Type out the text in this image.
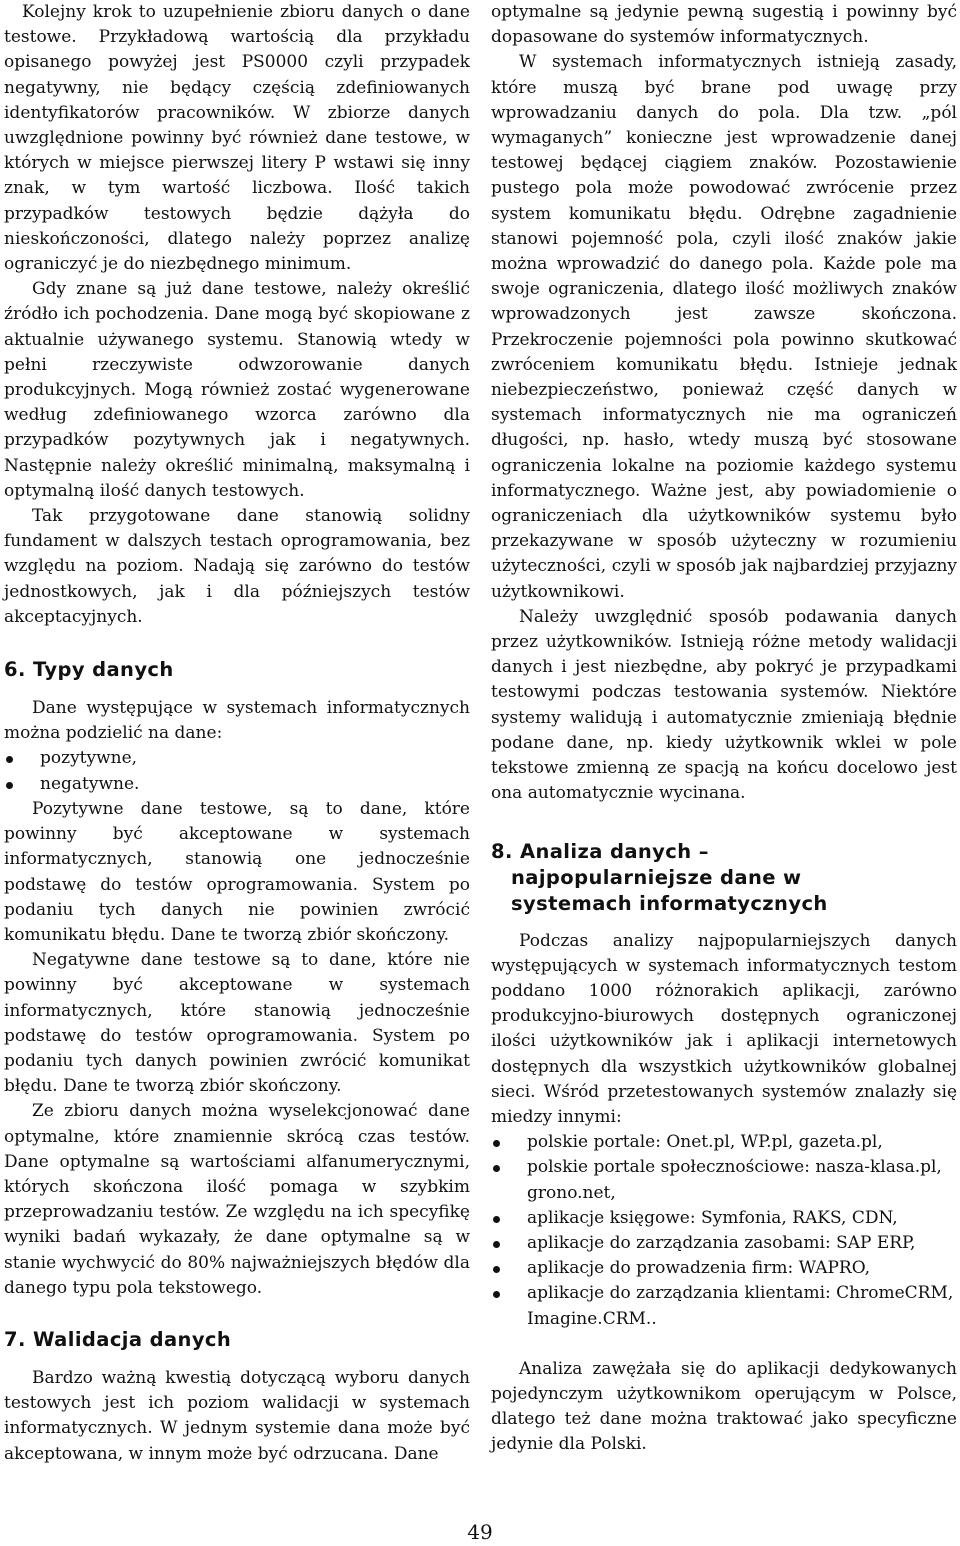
Kolejny krok to uzupełnienie zbioru danych o dane testowe. Przykładową wartością dla przykładu opisanego powyżej jest PS0000 czyli przypadek negatywny, nie będący częścią zdefiniowanych identyfikatorów pracowników. W zbiorze danych uwzględnione powinny być również dane testowe, w których w miejsce pierwszej litery P wstawi się inny znak, w tym wartość liczbowa. Ilość takich przypadków testowych będzie dążyła do nieskończoności, dlatego należy poprzez analizę ograniczyć je do niezbędnego minimum.

Gdy znane są już dane testowe, należy określić źródło ich pochodzenia. Dane mogą być skopiowane z aktualnie używanego systemu. Stanowią wtedy w pełni rzeczywiste odwzorowanie danych produkcyjnych. Mogą również zostać wygenerowane według zdefiniowanego wzorca zarówno dla przypadków pozytywnych jak i negatywnych. Następnie należy określić minimalną, maksymalną i optymalną ilość danych testowych.

Tak przygotowane dane stanowią solidny fundament w dalszych testach oprogramowania, bez względu na poziom. Nadają się zarówno do testów jednostkowych, jak i dla późniejszych testów akceptacyjnych.

6. Typy danych

Dane występujące w systemach informatycznych można podzielić na dane:

pozytywne,
negatywne.

Pozytywne dane testowe, są to dane, które powinny być akceptowane w systemach informatycznych, stanowią one jednocześnie podstawę do testów oprogramowania. System po podaniu tych danych nie powinien zwrócić komunikatu błędu. Dane te tworzą zbiór skończony.

Negatywne dane testowe są to dane, które nie powinny być akceptowane w systemach informatycznych, które stanowią jednocześnie podstawę do testów oprogramowania. System po podaniu tych danych powinien zwrócić komunikat błędu. Dane te tworzą zbiór skończony.

Ze zbioru danych można wyselekcjonować dane optymalne, które znamiennie skrócą czas testów. Dane optymalne są wartościami alfanumerycznymi, których skończona ilość pomaga w szybkim przeprowadzaniu testów. Ze względu na ich specyfikę wyniki badań wykazały, że dane optymalne są w stanie wychwycić do 80% najważniejszych błędów dla danego typu pola tekstowego.

7. Walidacja danych

Bardzo ważną kwestią dotyczącą wyboru danych testowych jest ich poziom walidacji w systemach informatycznych. W jednym systemie dana może być akceptowana, w innym może być odrzucana. Dane

optymalne są jedynie pewną sugestią i powinny być dopasowane do systemów informatycznych.

W systemach informatycznych istnieją zasady, które muszą być brane pod uwagę przy wprowadzaniu danych do pola. Dla tzw. „pól wymaganych” konieczne jest wprowadzenie danej testowej będącej ciągiem znaków. Pozostawienie pustego pola może powodować zwrócenie przez system komunikatu błędu. Odrębne zagadnienie stanowi pojemność pola, czyli ilość znaków jakie można wprowadzić do danego pola. Każde pole ma swoje ograniczenia, dlatego ilość możliwych znaków wprowadzonych jest zawsze skończona. Przekroczenie pojemności pola powinno skutkować zwróceniem komunikatu błędu. Istnieje jednak niebezpieczeństwo, ponieważ część danych w systemach informatycznych nie ma ograniczeń długości, np. hasło, wtedy muszą być stosowane ograniczenia lokalne na poziomie każdego systemu informatycznego. Ważne jest, aby powiadomienie o ograniczeniach dla użytkowników systemu było przekazywane w sposób użyteczny w rozumieniu użyteczności, czyli w sposób jak najbardziej przyjazny użytkownikowi.

Należy uwzględnić sposób podawania danych przez użytkowników. Istnieją różne metody walidacji danych i jest niezbędne, aby pokryć je przypadkami testowymi podczas testowania systemów. Niektóre systemy walidują i automatycznie zmieniają błędnie podane dane, np. kiedy użytkownik wklei w pole tekstowe zmienną ze spacją na końcu docelowo jest ona automatycznie wycinana.

8. Analiza danych –
najpopularniejsze dane w
systemach informatycznych

Podczas analizy najpopularniejszych danych występujących w systemach informatycznych testom poddano 1000 różnorakich aplikacji, zarówno produkcyjno-biurowych dostępnych ograniczonej ilości użytkowników jak i aplikacji internetowych dostępnych dla wszystkich użytkowników globalnej sieci. Wśród przetestowanych systemów znalazły się miedzy innymi:

polskie portale: Onet.pl, WP.pl, gazeta.pl,
polskie portale społecznościowe: nasza-klasa.pl, grono.net,
aplikacje księgowe: Symfonia, RAKS, CDN,
aplikacje do zarządzania zasobami: SAP ERP,
aplikacje do prowadzenia firm: WAPRO,
aplikacje do zarządzania klientami: ChromeCRM, Imagine.CRM..

Analiza zawężała się do aplikacji dedykowanych pojedynczym użytkownikom operującym w Polsce, dlatego też dane można traktować jako specyficzne jedynie dla Polski.

49
